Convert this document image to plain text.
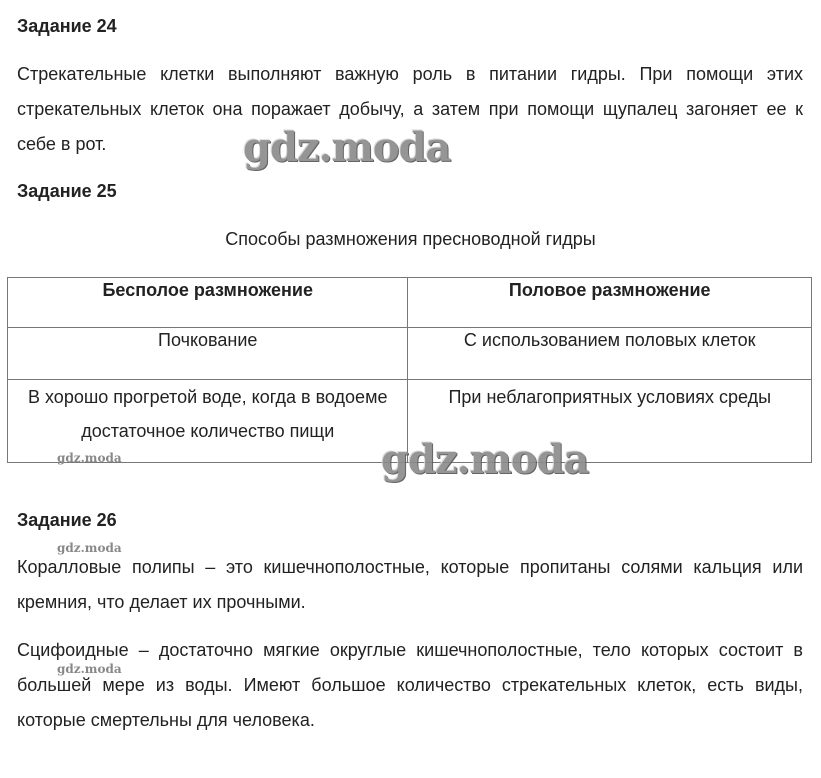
Задание 24

Стрекательные клетки выполняют важную роль в питании гидры. При помощи этих стрекательных клеток она поражает добычу, а затем при помощи щупалец загоняет ее к себе в рот.	gdz.moda
Задание 25

Способы размножения пресноводной гидры

Бесполое размножение	Половое размножение
Почкование	С использованием половых клеток
В хорошо прогретой воде, когда в водоеме достаточное количество пищи	При неблагоприятных условиях среды
gdz.moda	gdz.moda
Задание 26
gdz.moda

Коралловые полипы – это кишечнополостные, которые пропитаны солями кальция или кремния, что делает их прочными.

Сцифоидные – достаточно мягкие округлые кишечнополостные, тело которых состоит в большей мере из воды. Имеют большое количество стрекательных клеток, есть виды, которые смертельны для человека.

gdz.moda
